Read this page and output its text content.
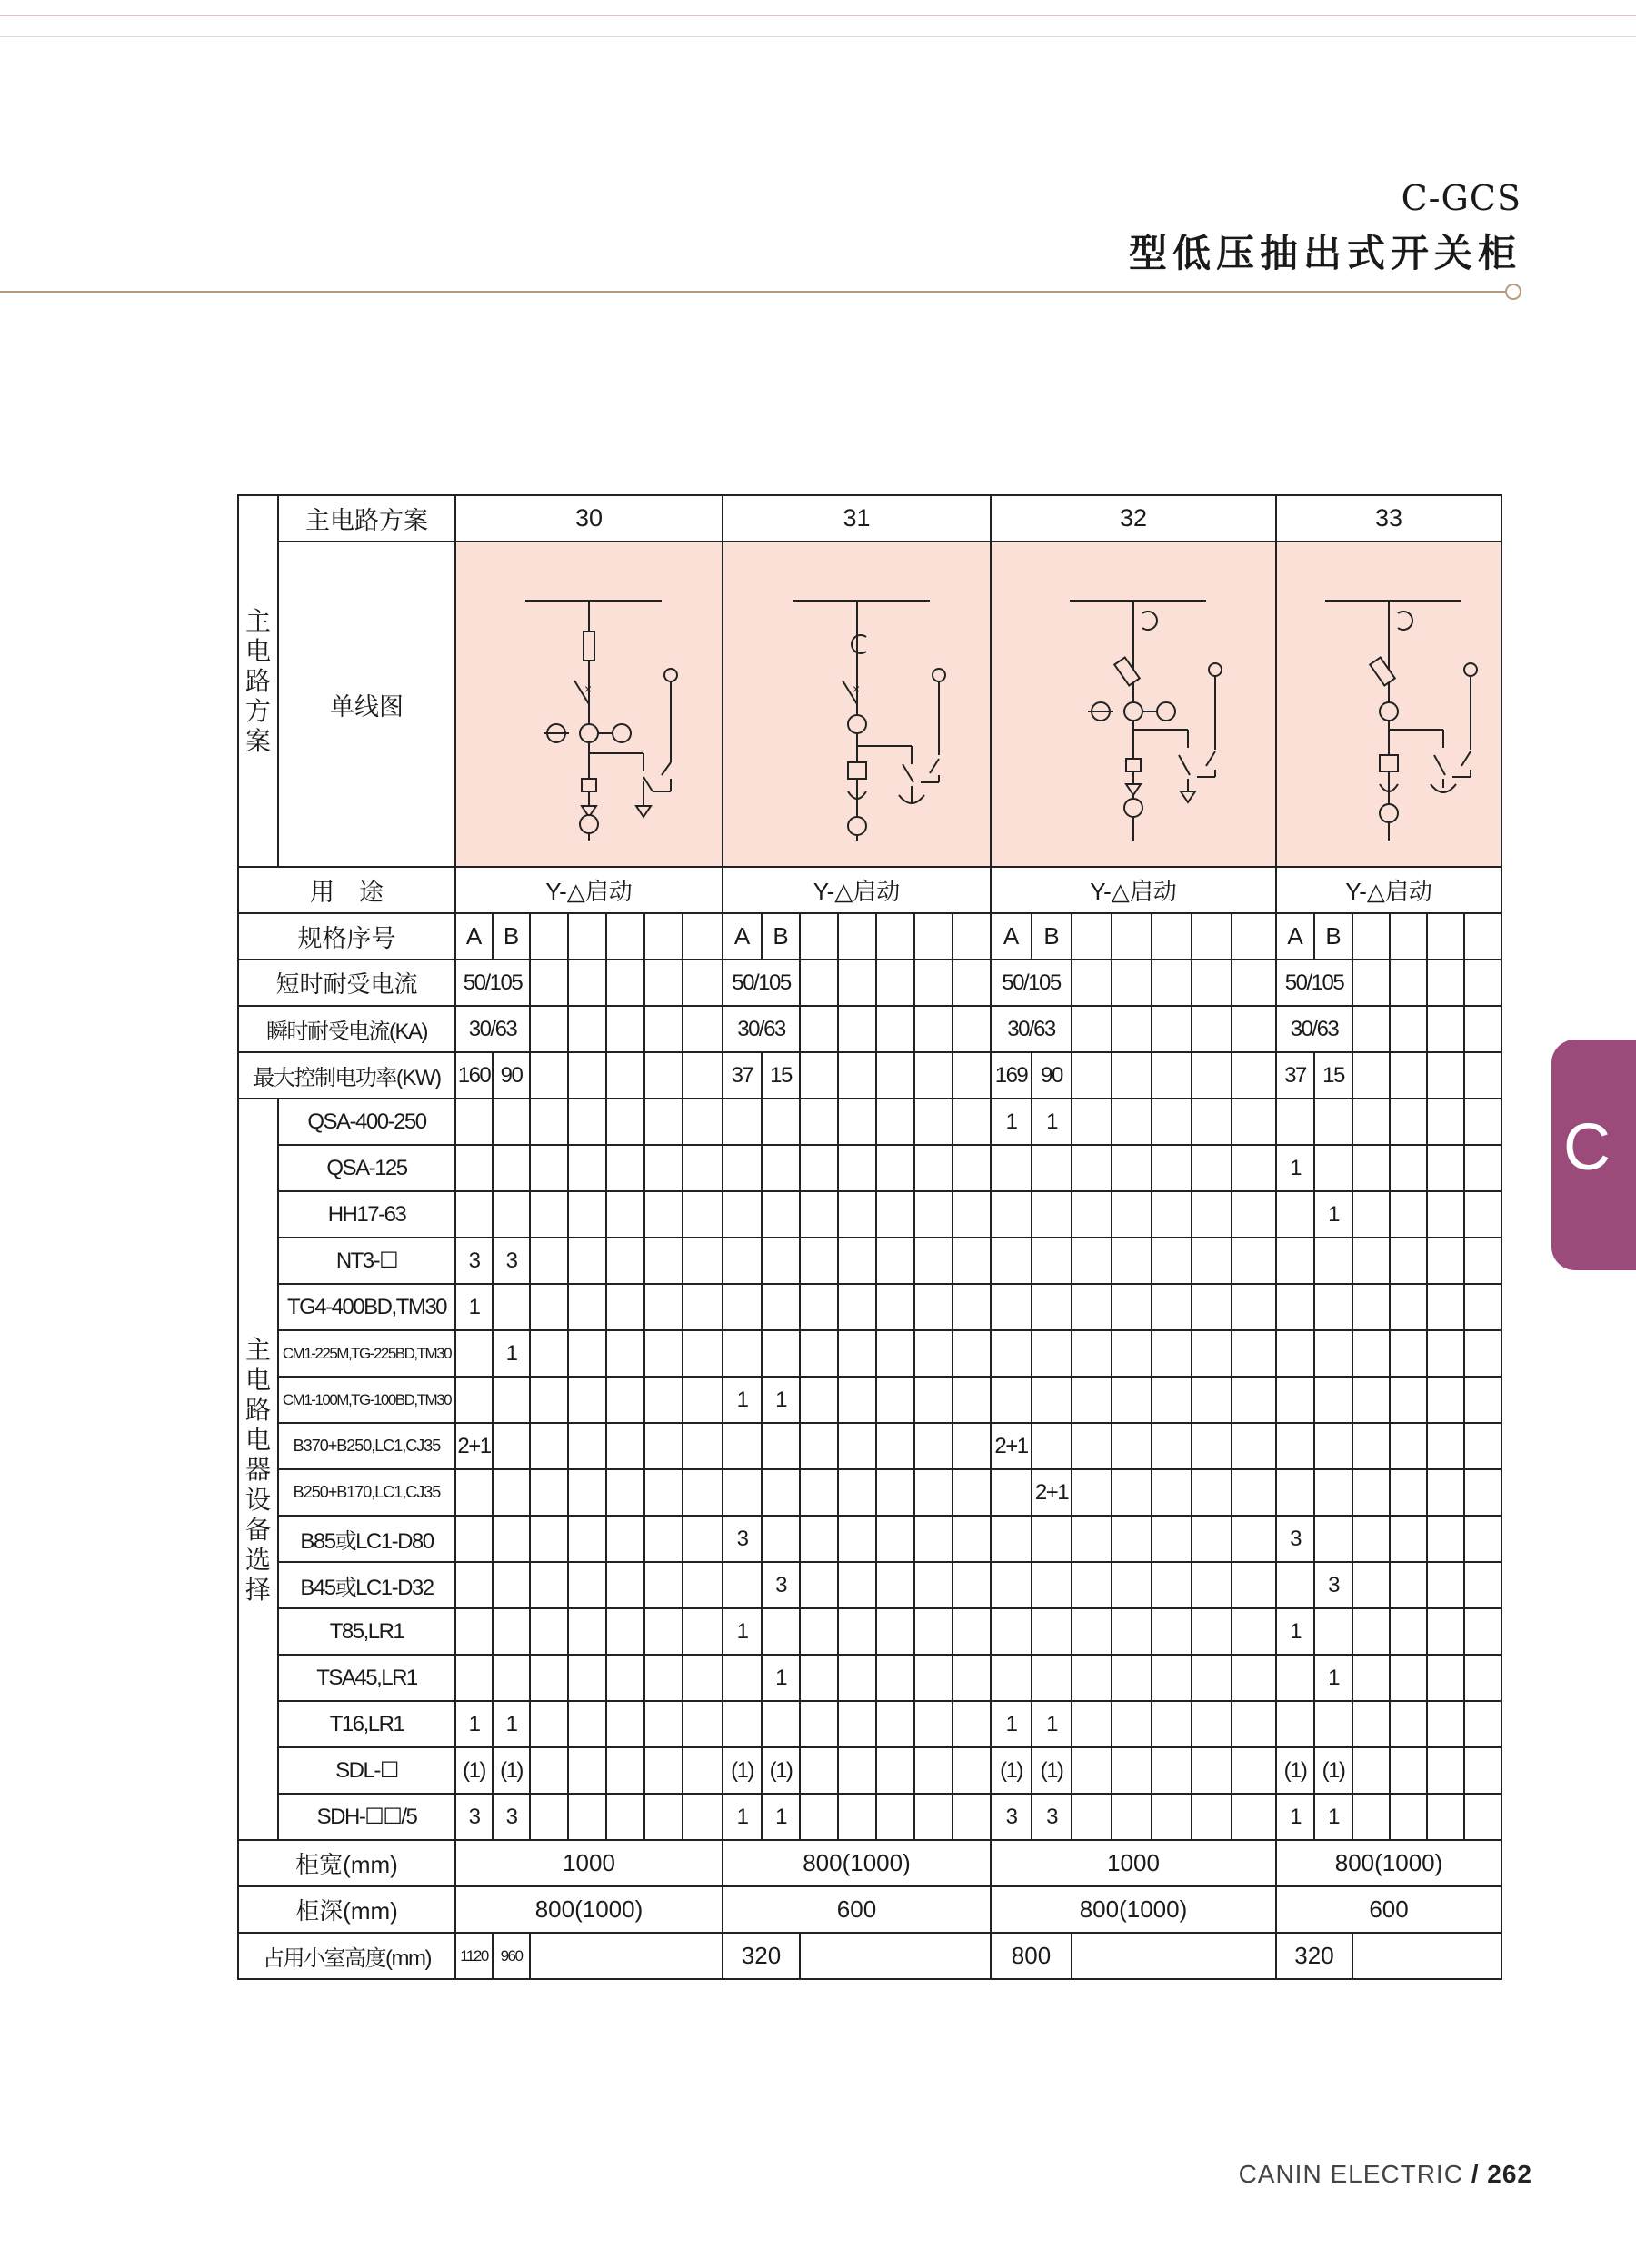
C-GCS
型低压抽出式开关柜
C
主电路方案	主电路方案	30							31							32							33					
	单线图	×							×

用　途		Y-△启动							Y-△启动							Y-△启动							Y-△启动					
规格序号		A	B						A	B						A	B						A	B				
短时耐受电流		50/105							50/105							50/105							50/105					
瞬时耐受电流(KA)		30/63							30/63							30/63							30/63					
最大控制电功率(KW)		160	90						37	15						169	90						37	15				

主电路电器设备选择	QSA-400-250															1	1											
	QSA-125																						1					
	HH17-63																							1				
	NT3-☐	3	3																									
	TG4-400BD,TM30	1																										
	CM1-225M,TG-225BD,TM30		1																									
	CM1-100M,TG-100BD,TM30								1	1																		
	B370+B250,LC1,CJ35	2+1														2+1												
	B250+B170,LC1,CJ35																2+1											
	B85或LC1-D80								3														3					
	B45或LC1-D32									3														3				
	T85,LR1								1														1					
	TSA45,LR1									1														1				
	T16,LR1	1	1													1	1											
	SDL-☐	(1)	(1)						(1)	(1)						(1)	(1)						(1)	(1)				
	SDH-☐☐/5	3	3						1	1						3	3						1	1				
柜宽(mm)		1000							800(1000)							1000							800(1000)					
柜深(mm)		800(1000)							600							800(1000)							600					
占用小室高度(mm)		1120	960						320							800							320					
CANIN ELECTRIC / 262
